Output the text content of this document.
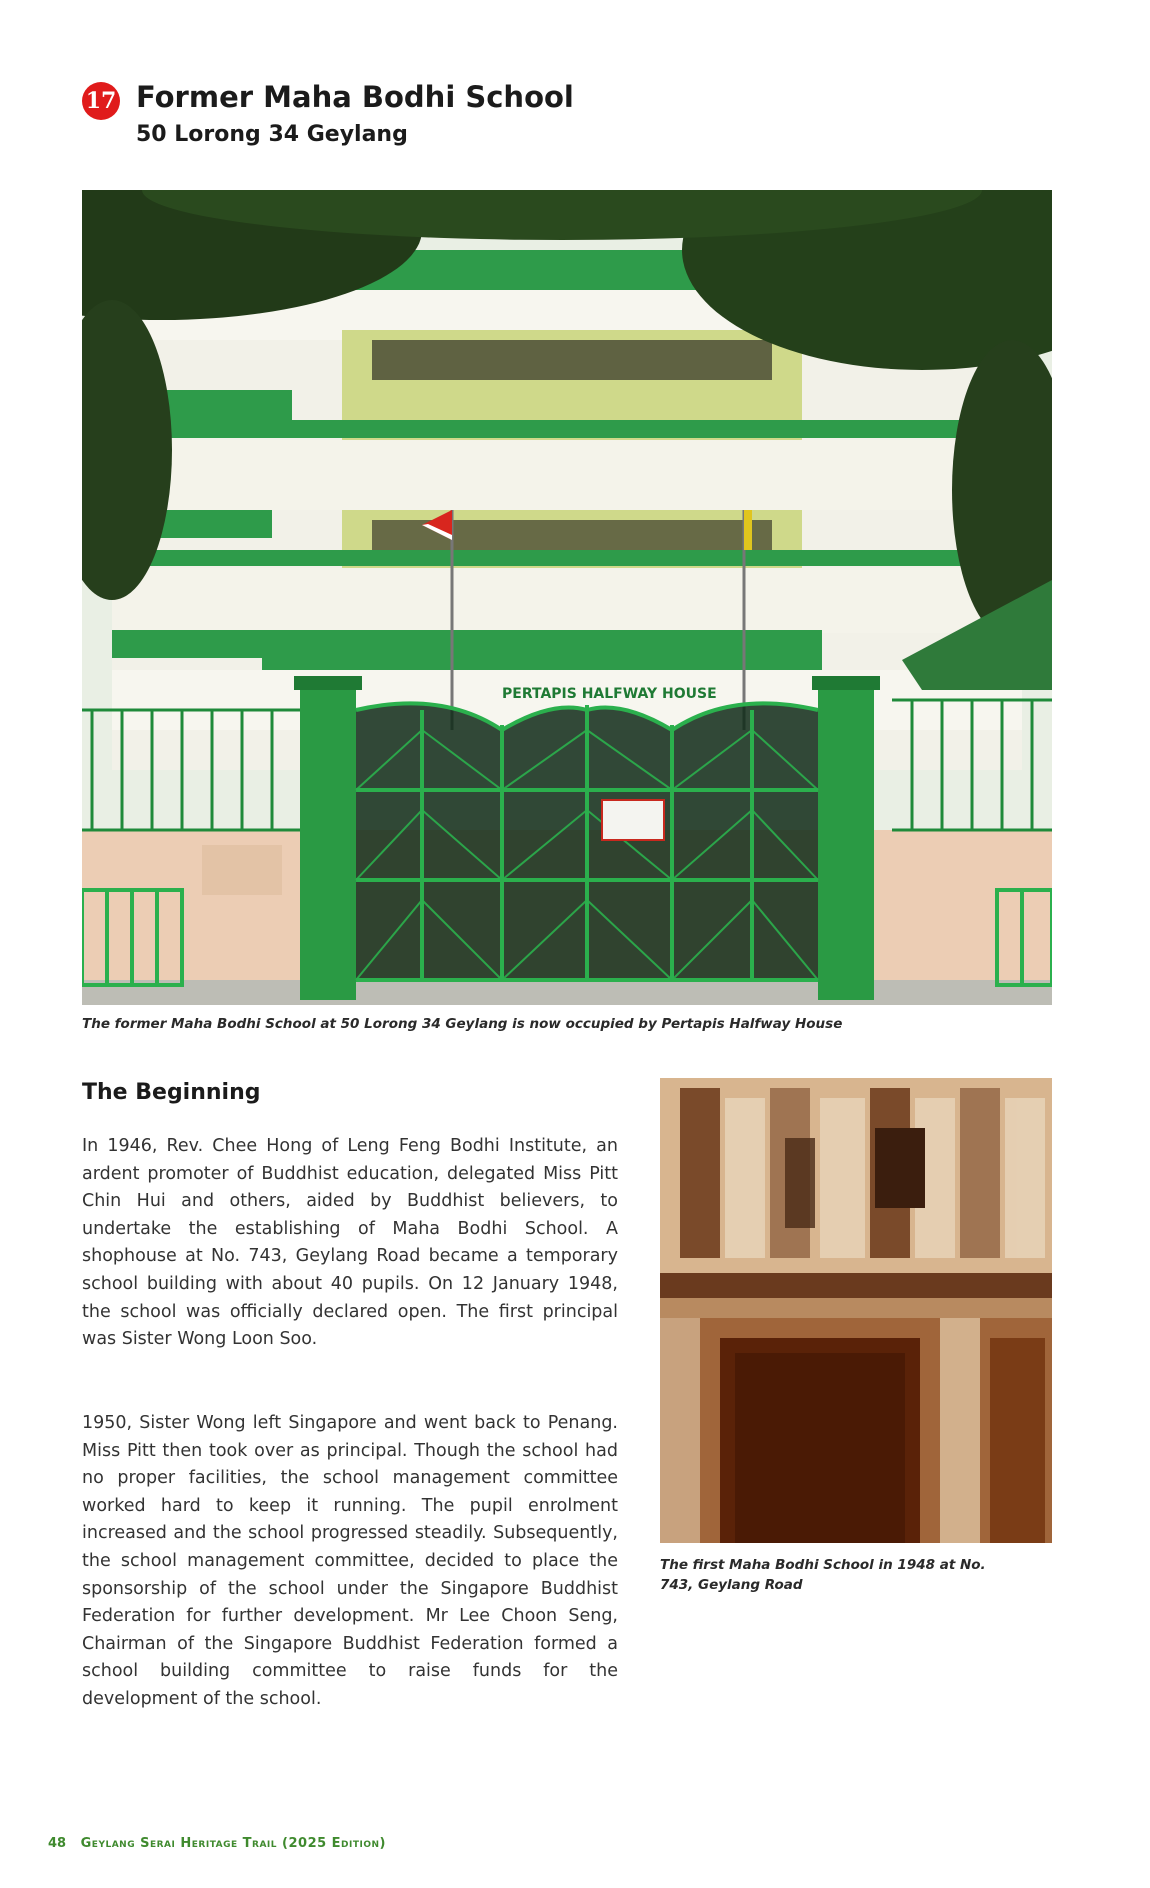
17 Former Maha Bodhi School
50 Lorong 34 Geylang
PERTAPIS HALFWAY HOUSE
The former Maha Bodhi School at 50 Lorong 34 Geylang is now occupied by Pertapis Halfway House
The Beginning
In 1946, Rev. Chee Hong of Leng Feng Bodhi Institute, an ardent promoter of Buddhist education, delegated Miss Pitt Chin Hui and others, aided by Buddhist believers, to undertake the establishing of Maha Bodhi School. A shophouse at No. 743, Geylang Road became a temporary school building with about 40 pupils. On 12 January 1948, the school was officially declared open. The first principal was Sister Wong Loon Soo.
1950, Sister Wong left Singapore and went back to Penang. Miss Pitt then took over as principal. Though the school had no proper facilities, the school management committee worked hard to keep it running. The pupil enrolment increased and the school progressed steadily. Subsequently, the school management committee, decided to place the sponsorship of the school under the Singapore Buddhist Federation for further development. Mr Lee Choon Seng, Chairman of the Singapore Buddhist Federation formed a school building committee to raise funds for the development of the school.
The first Maha Bodhi School in 1948 at No. 743, Geylang Road
48 Geylang Serai Heritage Trail (2025 Edition)
